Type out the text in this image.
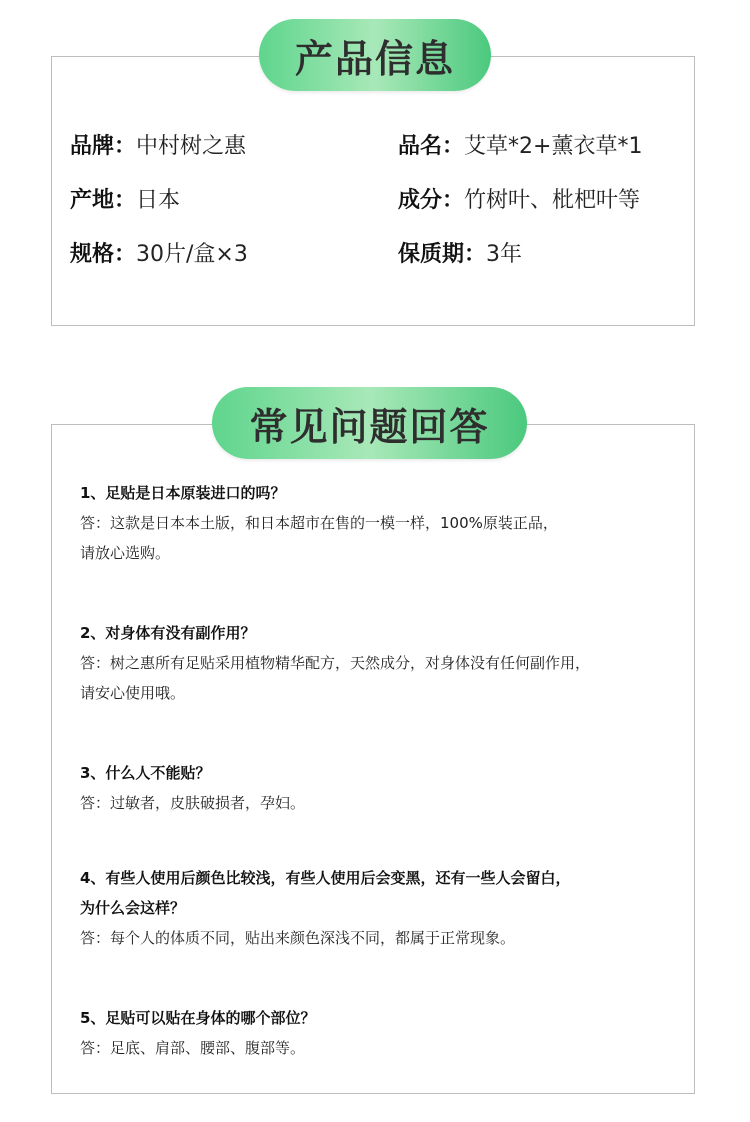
产品信息
品牌：中村树之惠	品名：艾草*2+薰衣草*1
产地：日本	成分：竹树叶、枇杷叶等
规格：30片/盒×3	保质期：3年
1、足贴是日本原装进口的吗？
答：这款是日本本土版，和日本超市在售的一模一样，100%原装正品，
请放心选购。
2、对身体有没有副作用？
答：树之惠所有足贴采用植物精华配方，天然成分，对身体没有任何副作用，
请安心使用哦。
3、什么人不能贴？
答：过敏者，皮肤破损者，孕妇。
4、有些人使用后颜色比较浅，有些人使用后会变黑，还有一些人会留白，
为什么会这样？
答：每个人的体质不同，贴出来颜色深浅不同，都属于正常现象。
5、足贴可以贴在身体的哪个部位？
答：足底、肩部、腰部、腹部等。
常见问题回答
